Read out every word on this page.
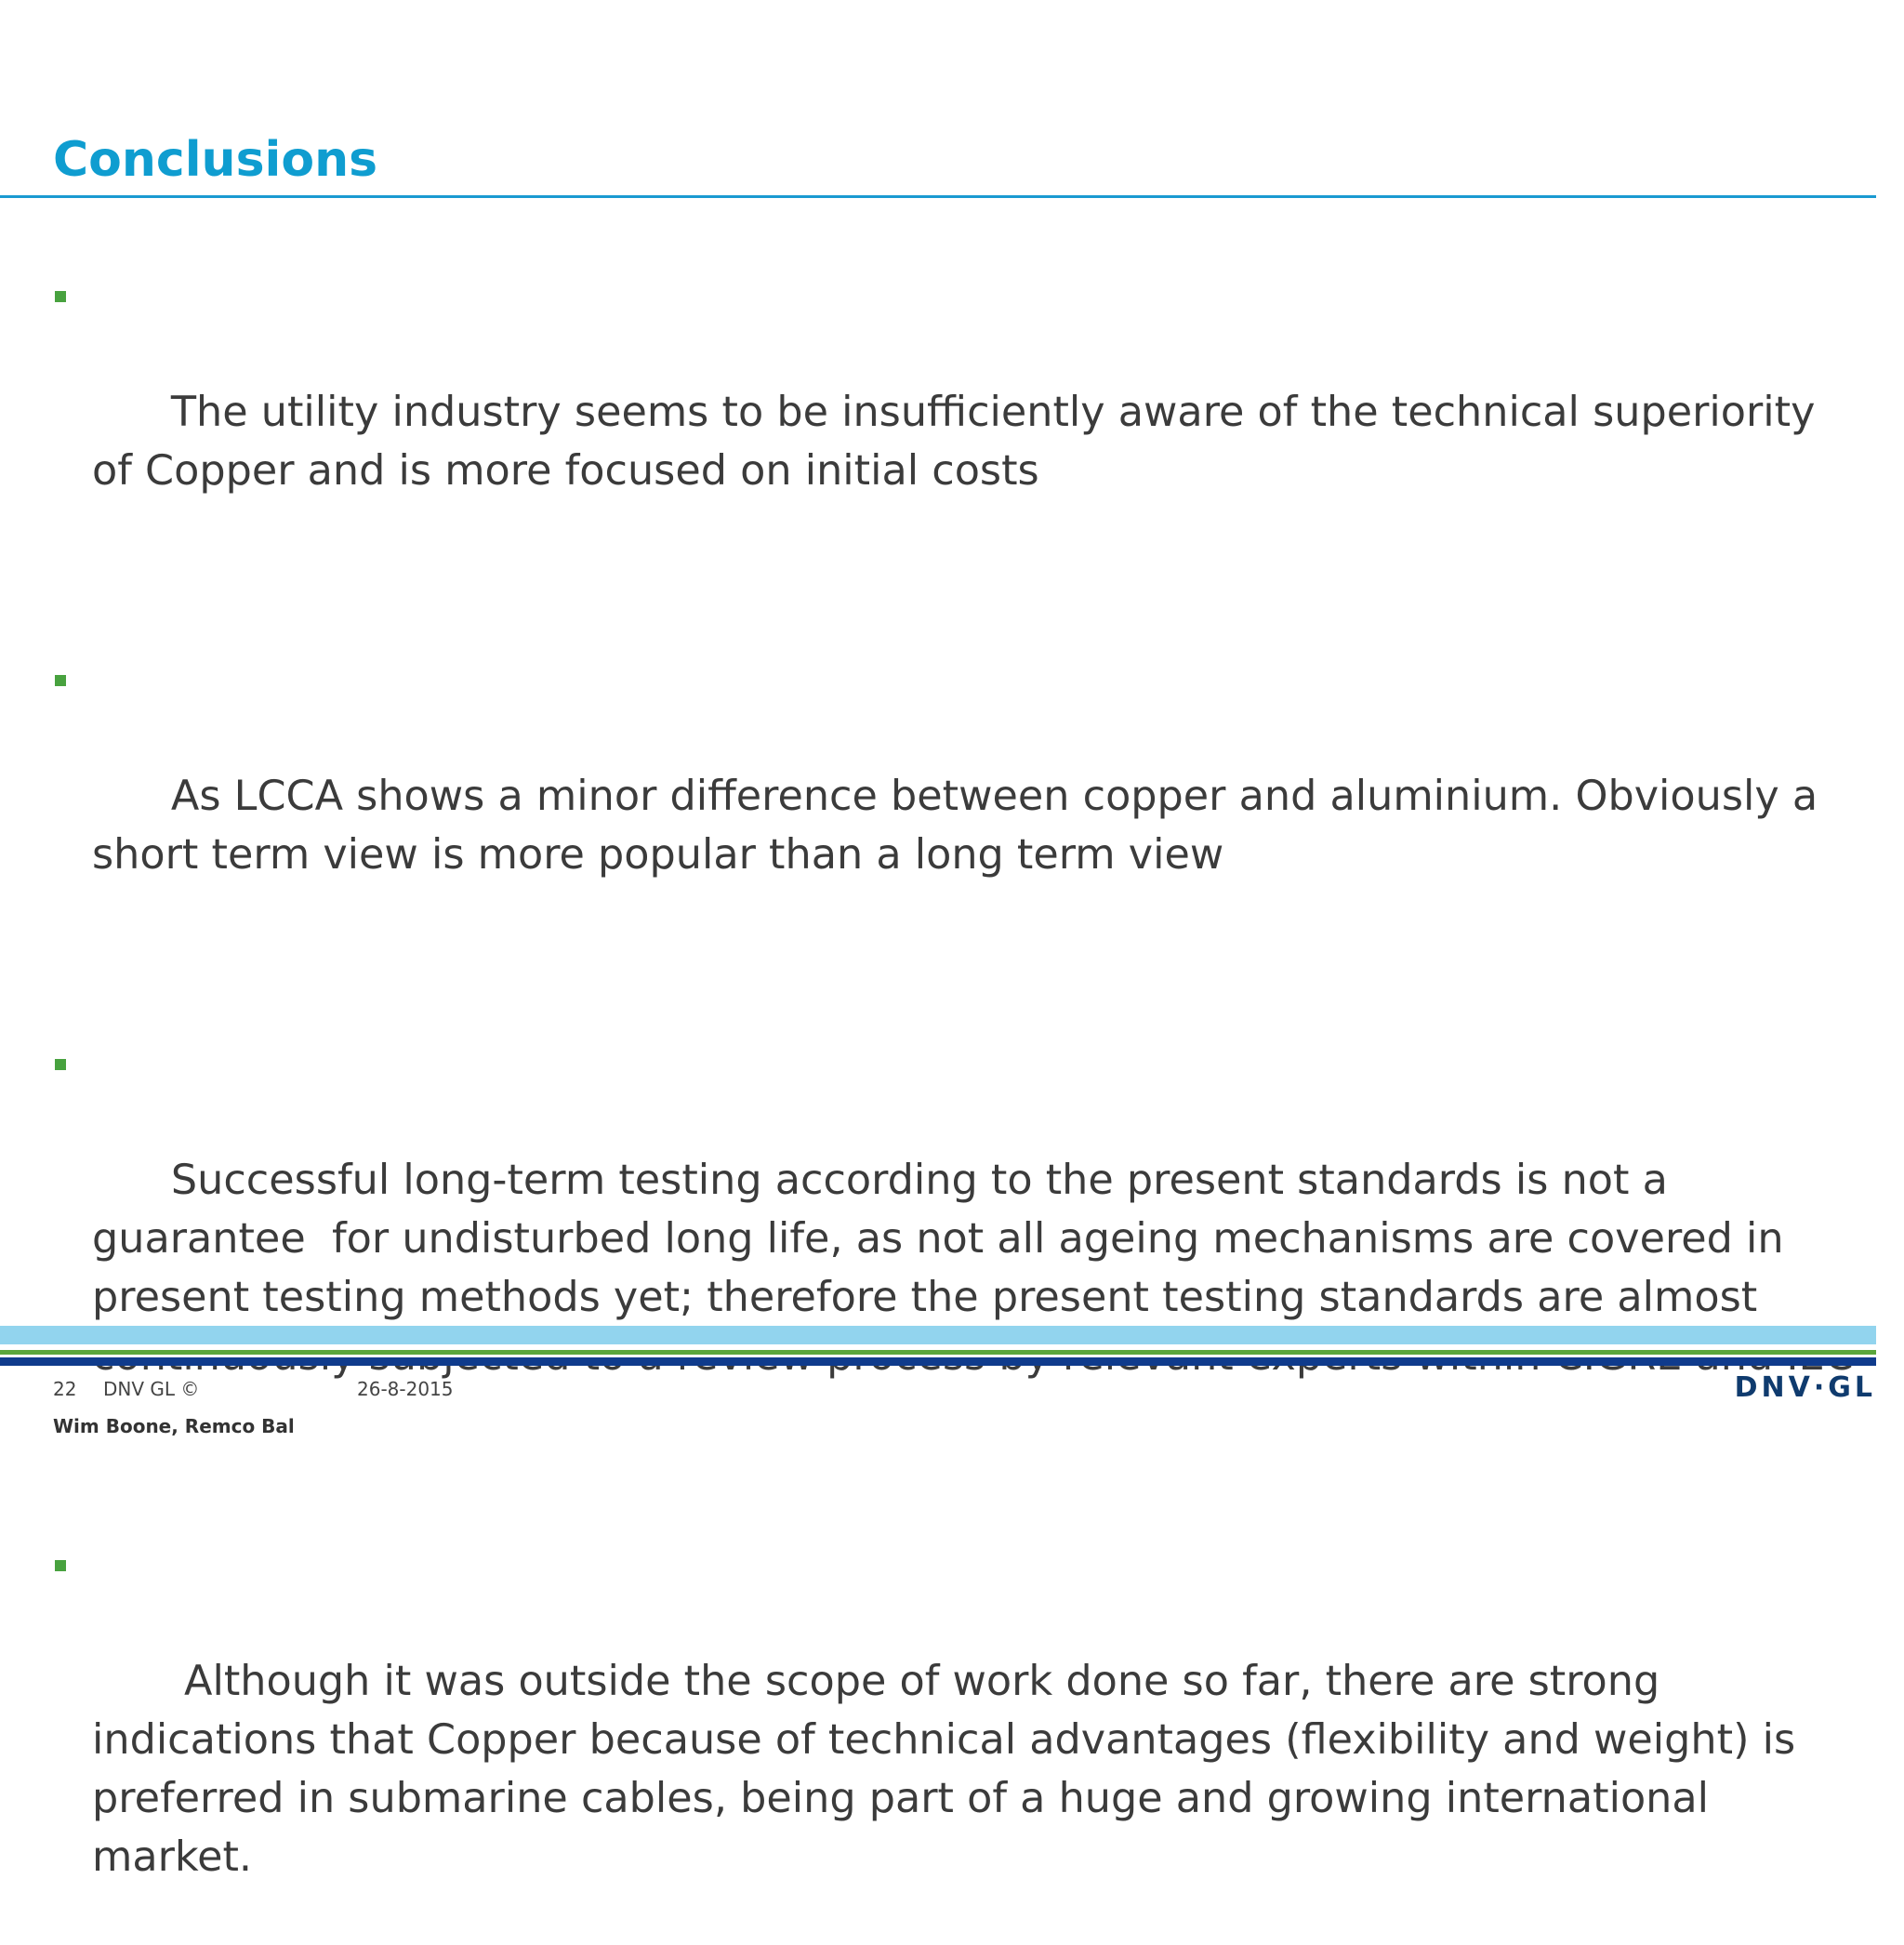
Conclusions

The utility industry seems to be insufficiently aware of the technical superiority of Copper and is more focused on initial costs

As LCCA shows a minor difference between copper and aluminium. Obviously a short term view is more popular than a long term view

Successful long-term testing according to the present standards is not a guarantee  for undisturbed long life, as not all ageing mechanisms are covered in present testing methods yet; therefore the present testing standards are almost

Although it was outside the scope of work done so far, there are strong indications that Copper because of technical advantages (flexibility and weight) is preferred in submarine cables, being part of a huge and growing international market.

22 DNV GL ©	26-8-2015
Wim Boone, Remco Bal
DNV·GL
